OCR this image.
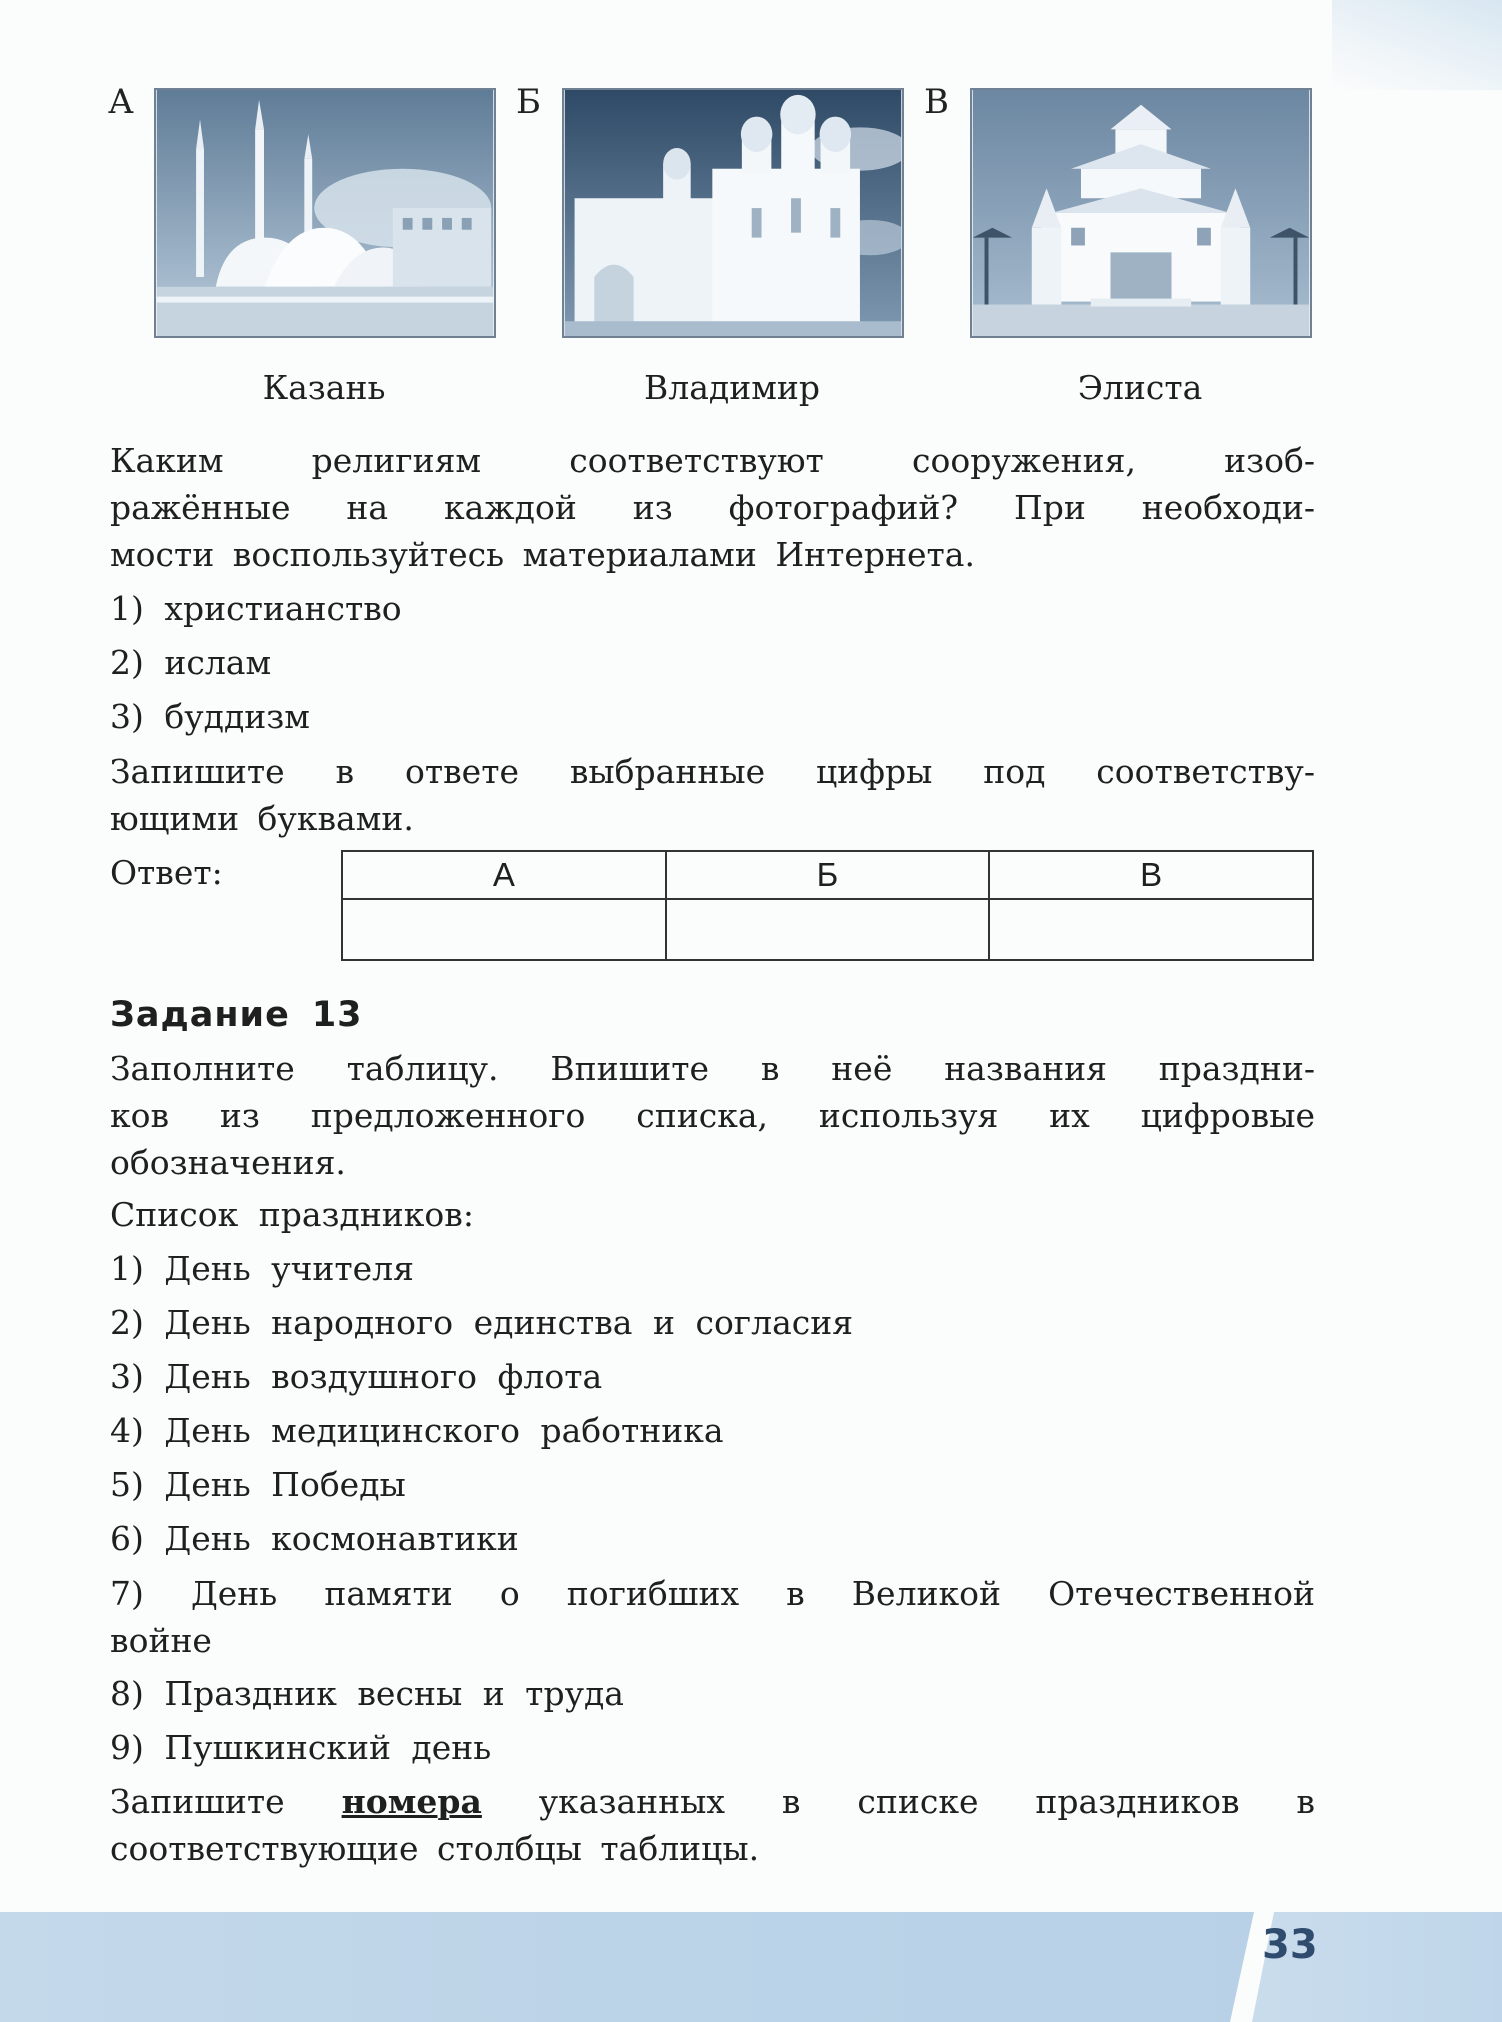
А	Б	В
Казань	Владимир	Элиста
Каким религиям соответствуют сооружения, изоб-
ражённые на каждой из фотографий? При необходи-
мости воспользуйтесь материалами Интернета.
1) христианство
2) ислам
3) буддизм
Запишите в ответе выбранные цифры под соответству-
ющими буквами.
Ответ:	А	Б	В

Задание 13
Заполните таблицу. Впишите в неё названия праздни-
ков из предложенного списка, используя их цифровые
обозначения.
Список праздников:
1) День учителя
2) День народного единства и согласия
3) День воздушного флота
4) День медицинского работника
5) День Победы
6) День космонавтики
7) День памяти о погибших в Великой Отечественной
войне
8) Праздник весны и труда
9) Пушкинский день
Запишите номера указанных в списке праздников в
соответствующие столбцы таблицы.
33
